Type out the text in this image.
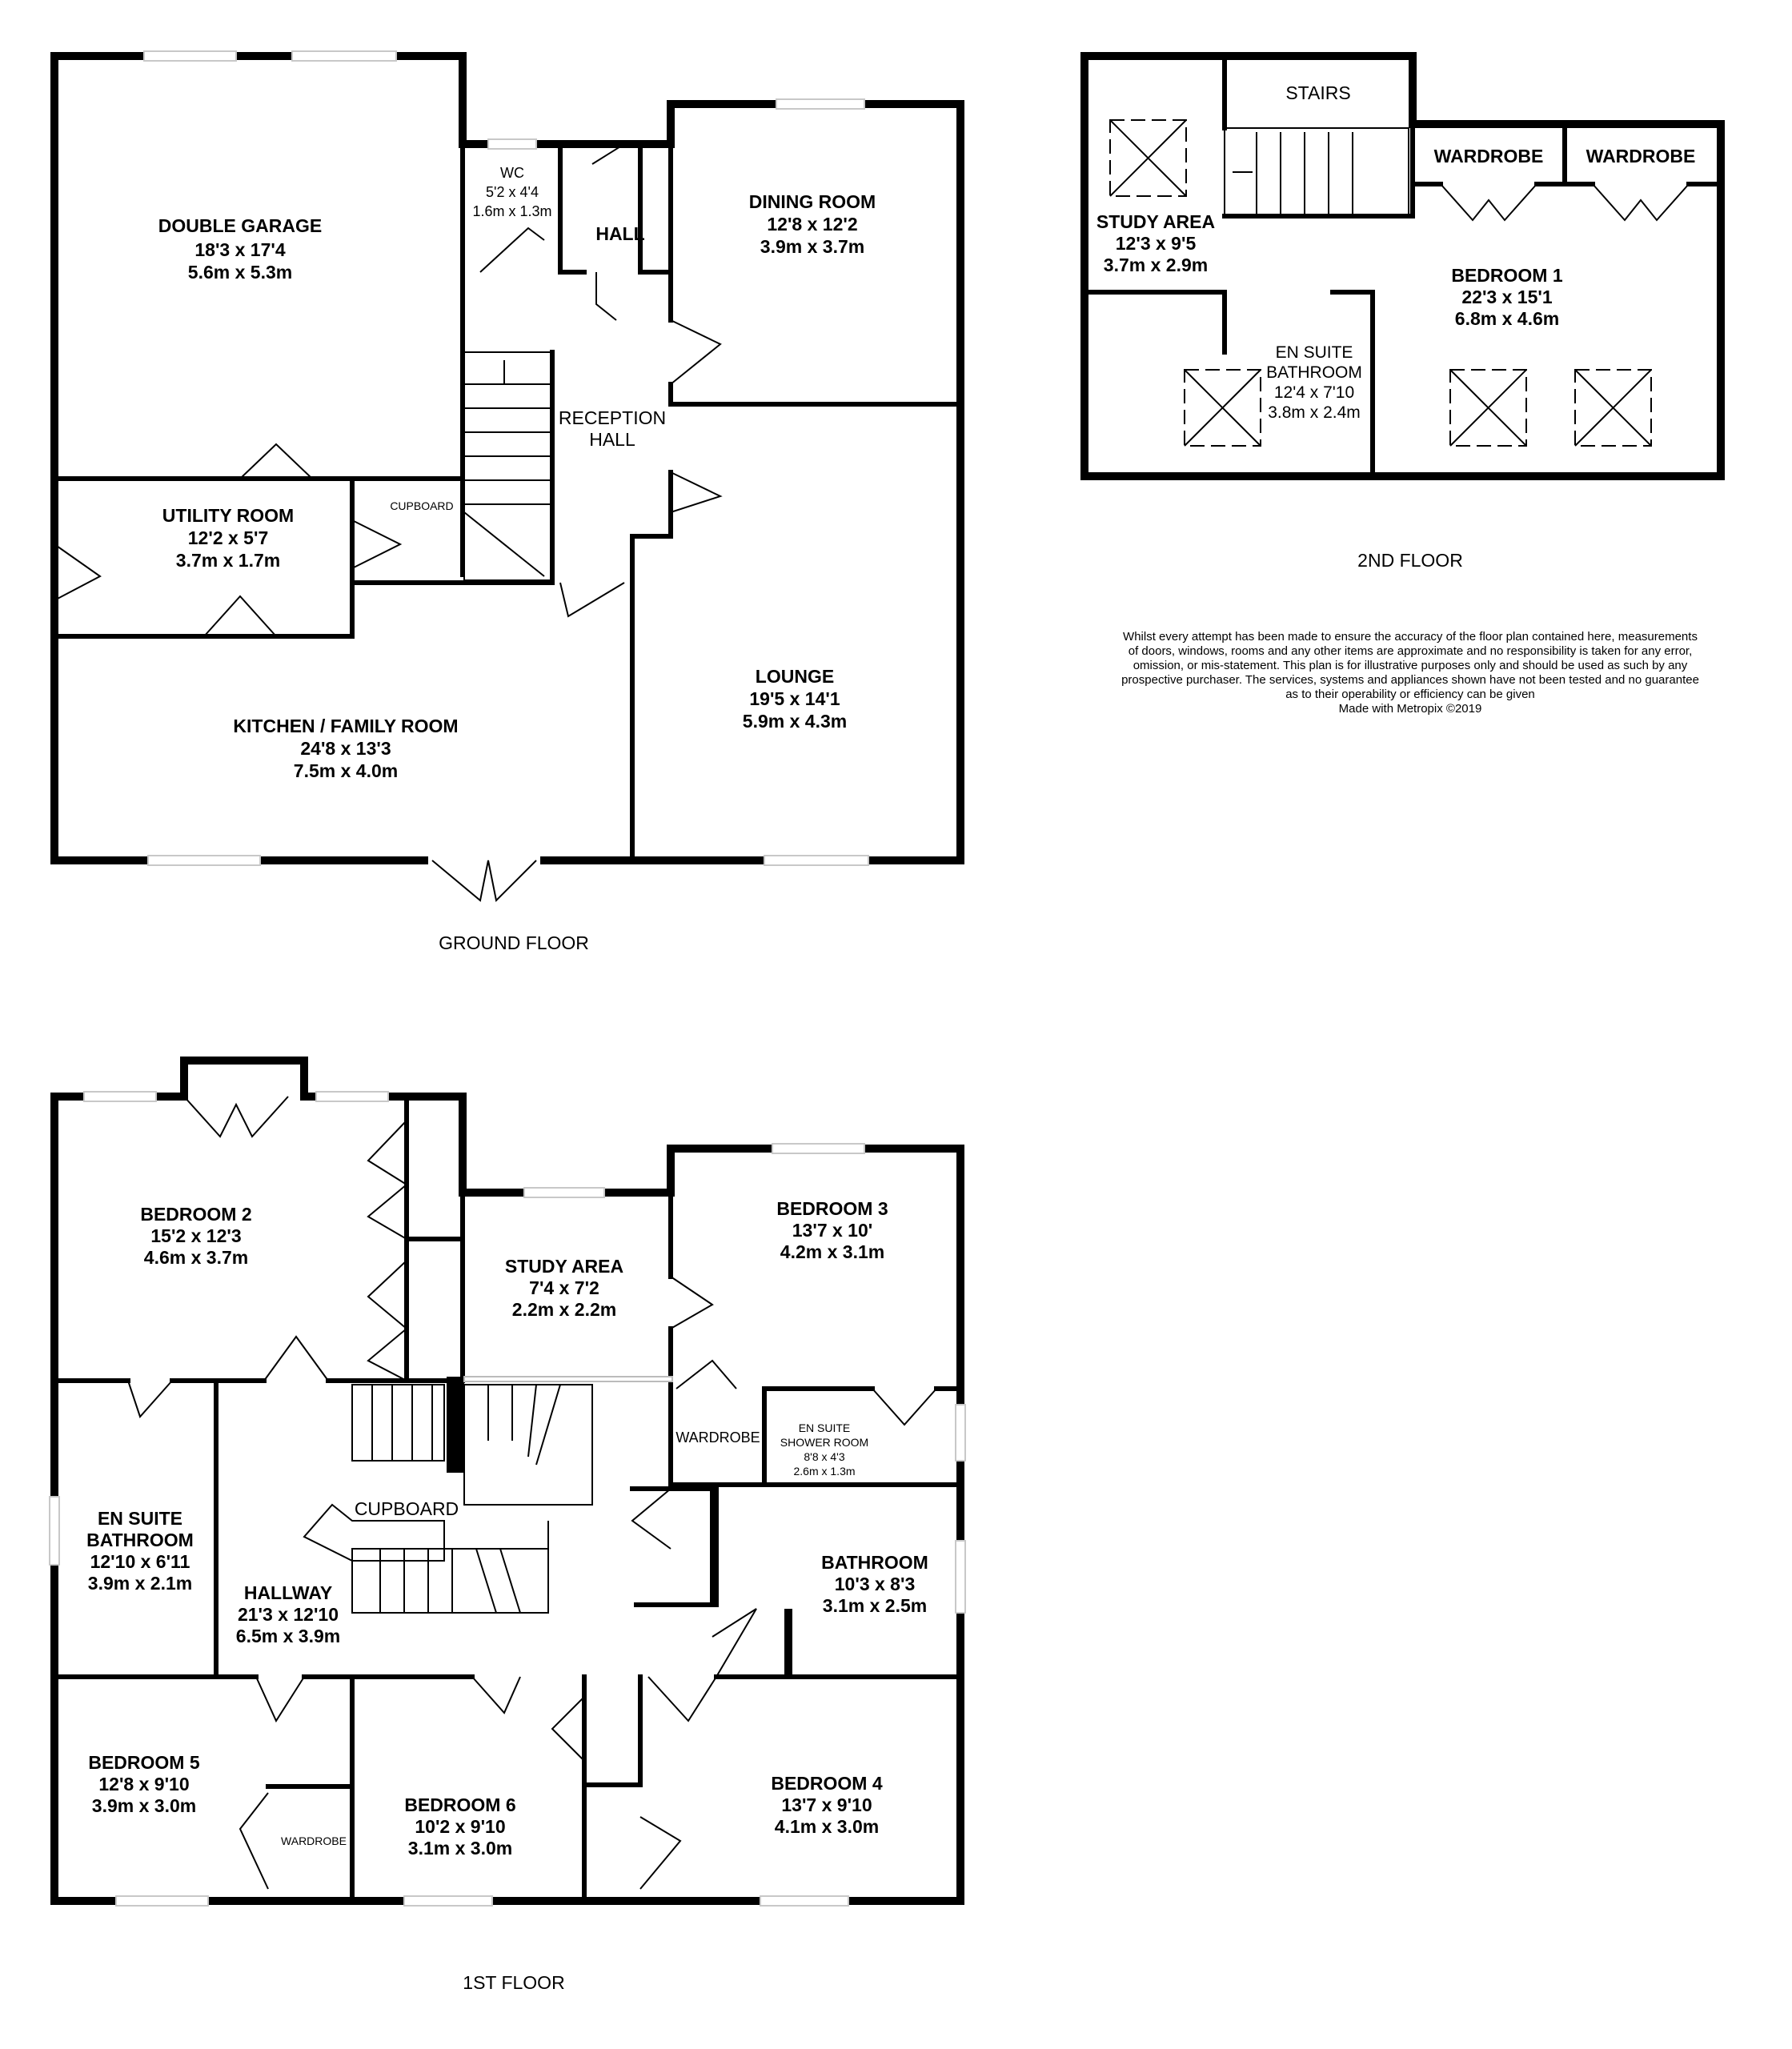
DOUBLE GARAGE
18'3 x 17'4
5.6m x 5.3m
WC
5'2 x 4'4
1.6m x 1.3m
HALL
DINING ROOM
12'8 x 12'2
3.9m x 3.7m
RECEPTION
HALL
UTILITY ROOM
12'2 x 5'7
3.7m x 1.7m
CUPBOARD
LOUNGE
19'5 x 14'1
5.9m x 4.3m
KITCHEN / FAMILY ROOM
24'8 x 13'3
7.5m x 4.0m
GROUND FLOOR
STAIRS
WARDROBE WARDROBE
STUDY AREA
12'3 x 9'5
3.7m x 2.9m	BEDROOM 1
22'3 x 15'1
6.8m x 4.6m
EN SUITE
BATHROOM
12'4 x 7'10
3.8m x 2.4m
2ND FLOOR
Whilst every attempt has been made to ensure the accuracy of the floor plan contained here, measurements
of doors, windows, rooms and any other items are approximate and no responsibility is taken for any error,
omission, or mis-statement. This plan is for illustrative purposes only and should be used as such by any
prospective purchaser. The services, systems and appliances shown have not been tested and no guarantee
as to their operability or efficiency can be given
Made with Metropix ©2019
BEDROOM 2
15'2 x 12'3
4.6m x 3.7m	STUDY AREA
7'4 x 7'2
2.2m x 2.2m
BEDROOM 3
13'7 x 10'
4.2m x 3.1m
WARDROBE
EN SUITE
SHOWER ROOM
8'8 x 4'3
2.6m x 1.3m
EN SUITE
BATHROOM
12'10 x 6'11
3.9m x 2.1m
CUPBOARD
HALLWAY
21'3 x 12'10
6.5m x 3.9m
BATHROOM
10'3 x 8'3
3.1m x 2.5m
BEDROOM 5
12'8 x 9'10
3.9m x 3.0m
WARDROBE
BEDROOM 6
10'2 x 9'10
3.1m x 3.0m
BEDROOM 4
13'7 x 9'10
4.1m x 3.0m
1ST FLOOR
